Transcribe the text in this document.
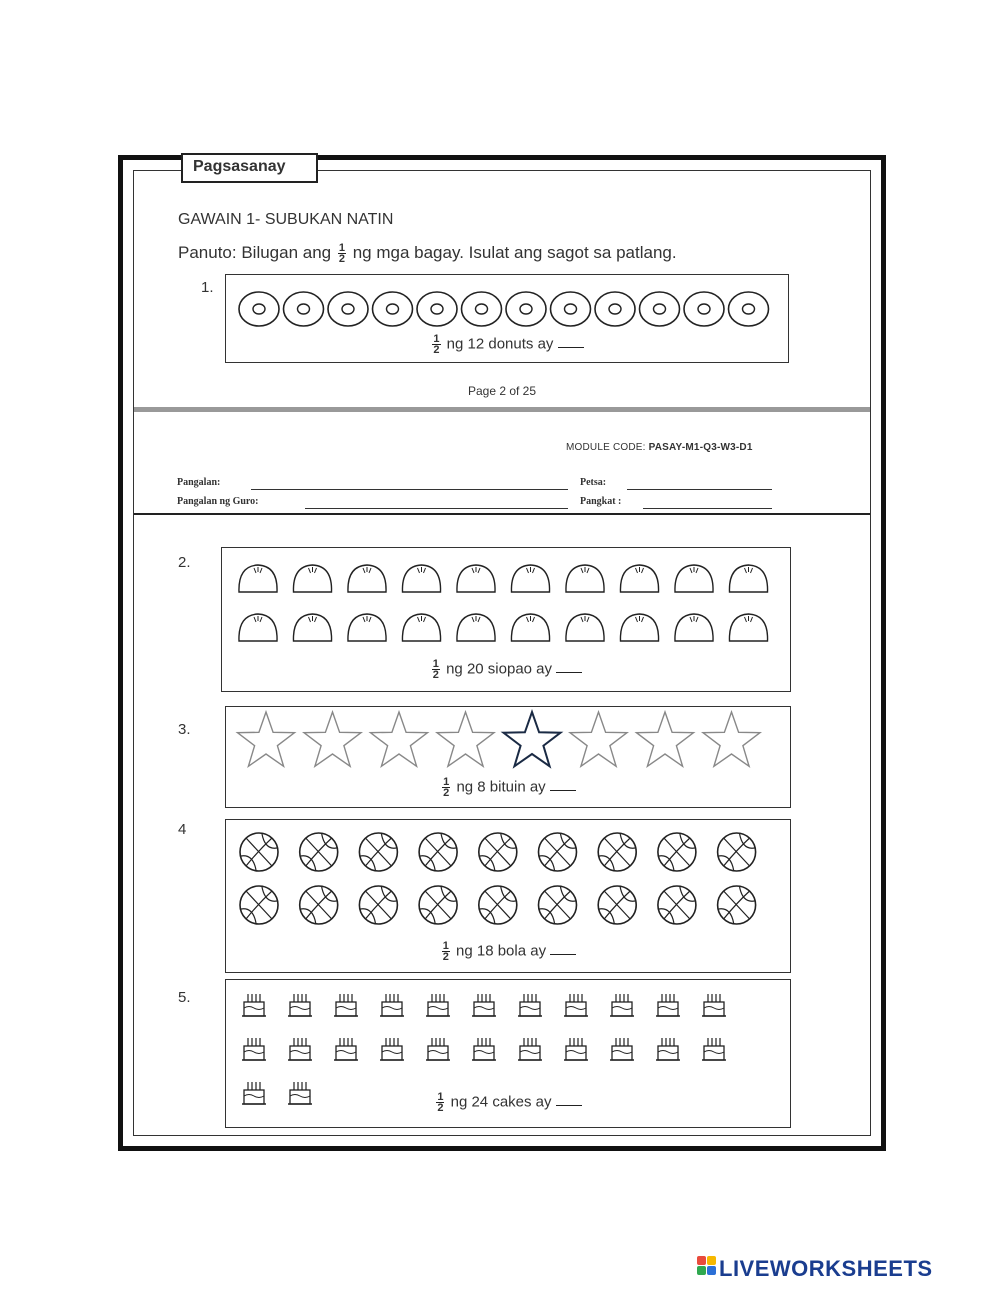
Pagsasanay
GAWAIN 1- SUBUKAN NATIN
Panuto: Bilugan ang $\frac{1}{2}$ ng mga bagay. Isulat ang sagot sa patlang.
1.
$\frac{1}{2}$ ng 12 donuts ay
Page 2 of 25
MODULE CODE: PASAY-M1-Q3-W3-D1
Pangalan:	Petsa:
Pangalan ng Guro:	Pangkat :
2.
$\frac{1}{2}$ ng 20 siopao ay
3.
$\frac{1}{2}$ ng 8 bituin ay
4
$\frac{1}{2}$ ng 18 bola ay
5.
$\frac{1}{2}$ ng 24 cakes ay
LIVEWORKSHEETS
